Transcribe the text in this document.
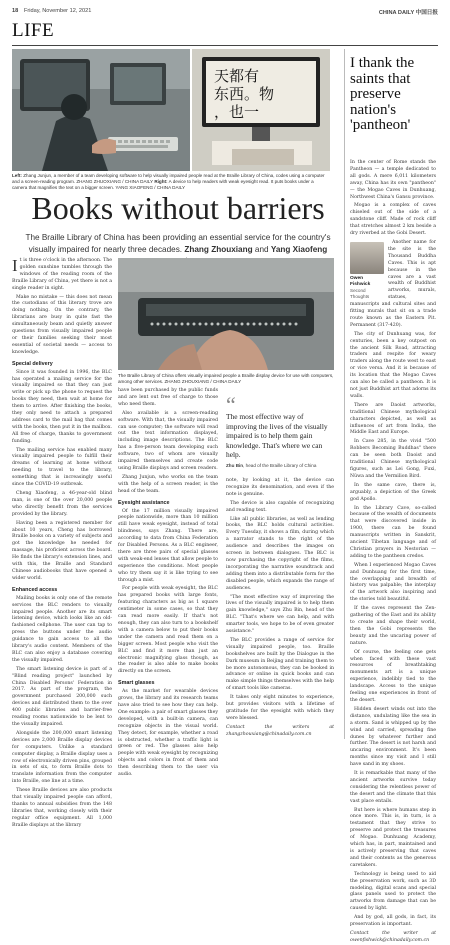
18 Friday, November 12, 2021	CHINA DAILY 中国日报
LIFE
天都有
东西。物
，也一
Left: Zhang Junjun, a member of a team developing software to help visually impaired people read at the Braille Library of China, codes using a computer and a screen-reading program. ZHANG ZHUOXIANG / CHINA DAILY Right: A device to help readers with weak eyesight read. It puts books under a camera that magnifies the text on a bigger screen. YANG XIAOFENG / CHINA DAILY
Books without barriers
The Braille Library of China has been providing an essential service for the country's visually impaired for nearly three decades. Zhang Zhouxiang and Yang Xiaofeng

It is three o'clock in the afternoon. The golden sunshine tumbles through the windows of the reading room of the Braille Library of China, yet there is not a single reader in sight.

Make no mistake — this does not mean the custodians of this literary trove are doing nothing. On the contrary, the librarians are busy in quite fast the simultaneously beam and quietly answer questions from visually impaired people or their families seeking their most essential of societal needs — access to knowledge.

Special delivery

Since it was founded in 1996, the BLC has operated a mailing service for the visually impaired so that they can just write or pick up the phone to request the books they need, then wait at home for them to arrive. After finishing the books, they only need to attach a prepared address card to the mail bag that comes with the books, then put it in the mailbox. All free of charge, thanks to government funding.

The mailing service has enabled many visually impaired people to fulfill their dreams of learning at home without needing to travel to the library, something that is increasingly useful since the COVID-19 outbreak.

Cheng Xiaofeng, a 46-year-old blind man, is one of the over 20,000 people who directly benefit from the services provided by the library.

Having been a registered member for about 10 years, Cheng has borrowed Braille books on a variety of subjects and got the knowledge he needed for massage, his proficient across the board. He finds the library's extension lines, and with this, the Braille and Standard Chinese audiobooks that have opened a wider world.

Enhanced access

Mailing books is only one of the remote services the BLC renders to visually impaired people. Another are its smart listening device, which looks like an old-fashioned cellphone. The user can tap to press the buttons under the audio guidance to gain access to all the library's audio content. Members of the BLC can also enjoy a database covering the visually impaired.

The smart listening device is part of a "Blind reading project" launched by China Disabled Persons' Federation in 2017. As part of the program, the government purchased 200,000 such devices and distributed them to the over 400 public libraries and barrier-free reading rooms nationwide to be lent to the visually impaired.

Alongside the 200,000 smart listening devices are 2,000 Braille display devices for computers. Unlike a standard computer display, a Braille display uses a row of electronically driven pins, grouped in sets of six, to form Braille dots to translate information from the computer into Braille, one line at a time.

These Braille devices are also products that visually impaired people can afford, thanks to annual subsidies from the 148 libraries that, working closely with their regular office equipment. All 1,000 Braille displays at the library

The Braille Library of China offers visually impaired people a Braille display device for use with computers, among other services. ZHANG ZHOUXIANG / CHINA DAILY

have been purchased by the public funds and are lent out free of charge to those who need them.

Also available is a screen-reading software. With that, the visually impaired can use computer; the software will read out the text information displayed, including image descriptions. The BLC has a five-person team developing such software, two of whom are visually impaired themselves and create code using Braille displays and screen readers.

Zhang Junjun, who works on the team with the help of a screen reader, is the head of the team.

Eyesight assistance

Of the 17 million visually impaired people nationwide, more than 10 million still have weak eyesight, instead of total blindness, says Zhang. There are, according to data from China Federation for Disabled Persons. As a BLC engineer, there are three pairs of special glasses with weak-end lenses that allow people to experience the conditions. Most people who try them say it is like trying to see through a mist.

For people with weak eyesight, the BLC has prepared books with large fonts, featuring characters as big as 1 square centimeter in some cases, so that they can read more easily. If that's not enough, they can also turn to a bookshelf with a camera below to put their books under the camera and read them on a bigger screen. Most people who visit the BLC and find it more than just an electronic magnifying glass though, as the reader is also able to make books directly on the screen.

Smart glasses

As the market for wearable devices grows, the library and its research teams have also tried to see how they can help. One example: a pair of smart glasses they developed, with a built-in camera, can recognize objects in the visual world. They detect, for example, whether a road is obstructed, whether a traffic light is green or red. The glasses also help people with weak eyesight by recognizing objects and colors in front of them and then describing them to the user via audio.

“
The most effective way of improving the lives of the visually impaired is to help them gain knowledge. That's where we can help.
Zhu Bin, head of the Braille Library of China

note, by looking at it, the device can recognize its denomination, and even if the note is genuine.

The device is also capable of recognizing and reading text.

Like all public libraries, as well as lending books, the BLC holds cultural activities. Every Tuesday, it shows a film, during which a narrator stands to the right of the audience and describes the images on screen in between dialogues. The BLC is now purchasing the copyright of the films, incorporating the narrative soundtrack and adding them into a distributable form for the disabled people, which expands the range of audiences.

"The most effective way of improving the lives of the visually impaired is to help them gain knowledge," says Zhu Bin, head of the BLC. "That's where we can help, and with smarter tools, we hope to be of even greater assistance."

The BLC provides a range of service for visually impaired people, too. Braille bookshelves are built by the Dialogue in the Dark museum in Beijing and training them to be more autonomous, they can be booked in advance or online in quick books and can make simple things themselves with the help of smart tools like cameras.

It takes only eight minutes to experience, but provides visitors with a lifetime of gratitude for the eyesight with which they were blessed.

Contact the writers at zhangzhouxiang@chinadaily.com.cn

I thank the saints that preserve nation's 'pantheon'

In the center of Rome stands the Pantheon — a temple dedicated to all gods. A mere 6,011 kilometers away, China has its own "pantheon" — the Mogao Caves in Dunhuang, Northwest China's Gansu province.

Mogao is a complex of caves chiseled out of the side of a sandstone cliff. Made of rock cliff that stretches almost 2 km beside a dry riverbed at the Gobi Desert.

Owen Fishwick
Second Thoughts

Another name for the site is the Thousand Buddha Caves. This is apt because in the caves are a vast wealth of Buddhist artworks, murals, statues, manuscripts and cultural sites and fitting murals that sit on a trade route known as the Eastern Pit. Permanent (317-420).

The city of Dunhuang was, for centuries, been a key outpost on the ancient Silk Road, attracting traders and respite for weary traders along the route west to east or vice versa. And it is because of its location that the Mogao Caves can also be called a pantheon. It is not just Buddhist art that adorns its walls.

There are Daoist artworks, traditional Chinese mythological characters depicted, as well as influences of art from India, the Middle East and Europe.

In Cave 285, in the vivid "500 Robbers Becoming Buddhas" there can be seen both Daoist and traditional Chinese mythological figures, such as Lei Gong, Fuxi, Nüwa and the Vermilion Bird.

In the same cave, there is, arguably, a depiction of the Greek god Apollo.

In the Library Cave, so-called because of the wealth of documents that were discovered inside in 1900, there can be found manuscripts written in Sanskrit, ancient Tibetan language and of Christian prayers in Nestorian — adding to the pantheon credos.

When I experienced Mogao Caves and Dunhuang for the first time, the overlapping and breadth of history was palpable; the interplay of the artwork also inspiring and the stories told beautiful.

If the caves represent the Zen-gathering of the East and its ability to create and shape their world, then the Gobi represents the beauty and the uncaring power of nature.

Of course, the feeling one gets when faced with these vast resources of breathtaking monuments art is a unique experience, indelibly tied to the landscape. Access to the unique feeling one experiences in front of the desert.

Hidden desert winds out into the distance, undulating like the sea in a storm. Sand is whipped up by the wind and carried, spreading fine dunes by whatever further and further. The desert is not harsh and uncaring environment. It's been months since my visit and I still have sand in my shoes.

It is remarkable that many of the ancient artworks survive today considering the relentless power of the desert and the climate that this vast place entails.

But here is where humans step in once more. This is, in turn, is a testament that they strive to preserve and protect the treasures of Mogao. Dunhuang Academy, which has, in part, maintained and is actively preserving that caves and their contents as the generous caretakers.

Technology is being used to aid the preservation work, such as 3D modeling, digital scans and special glass panels used to protect the artworks from damage that can be caused by light.

And by god, all gods, in fact, its preservation is important.

Contact the writer at owenfishwick@chinadaily.com.cn
